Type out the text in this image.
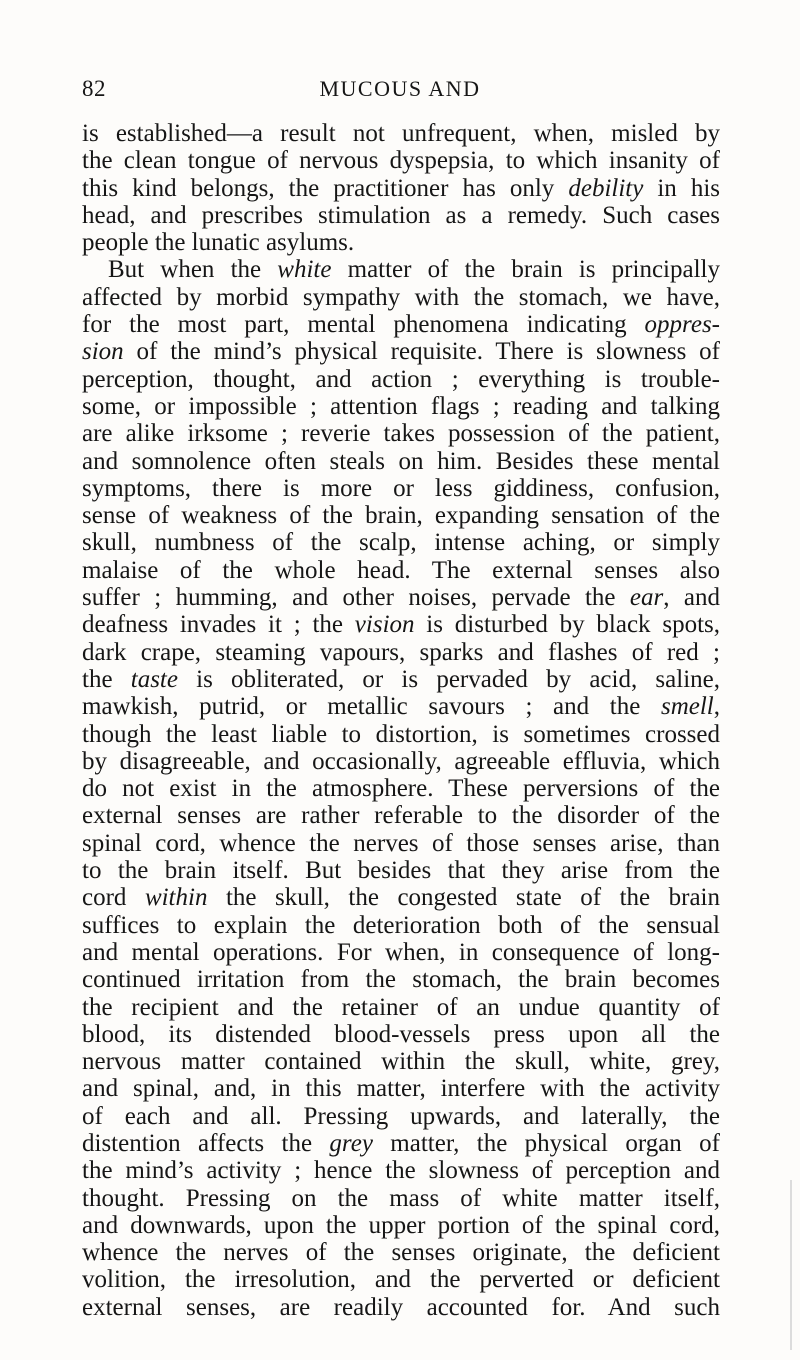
82	MUCOUS AND
is established—a result not unfrequent, when, misled by
the clean tongue of nervous dyspepsia, to which insanity of
this kind belongs, the practitioner has only debility in his
head, and prescribes stimulation as a remedy. Such cases
people the lunatic asylums.
But when the white matter of the brain is principally
affected by morbid sympathy with the stomach, we have,
for the most part, mental phenomena indicating oppres-
sion of the mind’s physical requisite. There is slowness of
perception, thought, and action ; everything is trouble-
some, or impossible ; attention flags ; reading and talking
are alike irksome ; reverie takes possession of the patient,
and somnolence often steals on him. Besides these mental
symptoms, there is more or less giddiness, confusion,
sense of weakness of the brain, expanding sensation of the
skull, numbness of the scalp, intense aching, or simply
malaise of the whole head. The external senses also
suffer ; humming, and other noises, pervade the ear, and
deafness invades it ; the vision is disturbed by black spots,
dark crape, steaming vapours, sparks and flashes of red ;
the taste is obliterated, or is pervaded by acid, saline,
mawkish, putrid, or metallic savours ; and the smell,
though the least liable to distortion, is sometimes crossed
by disagreeable, and occasionally, agreeable effluvia, which
do not exist in the atmosphere. These perversions of the
external senses are rather referable to the disorder of the
spinal cord, whence the nerves of those senses arise, than
to the brain itself. But besides that they arise from the
cord within the skull, the congested state of the brain
suffices to explain the deterioration both of the sensual
and mental operations. For when, in consequence of long-
continued irritation from the stomach, the brain becomes
the recipient and the retainer of an undue quantity of
blood, its distended blood-vessels press upon all the
nervous matter contained within the skull, white, grey,
and spinal, and, in this matter, interfere with the activity
of each and all. Pressing upwards, and laterally, the
distention affects the grey matter, the physical organ of
the mind’s activity ; hence the slowness of perception and
thought. Pressing on the mass of white matter itself,
and downwards, upon the upper portion of the spinal cord,
whence the nerves of the senses originate, the deficient
volition, the irresolution, and the perverted or deficient
external senses, are readily accounted for. And such
